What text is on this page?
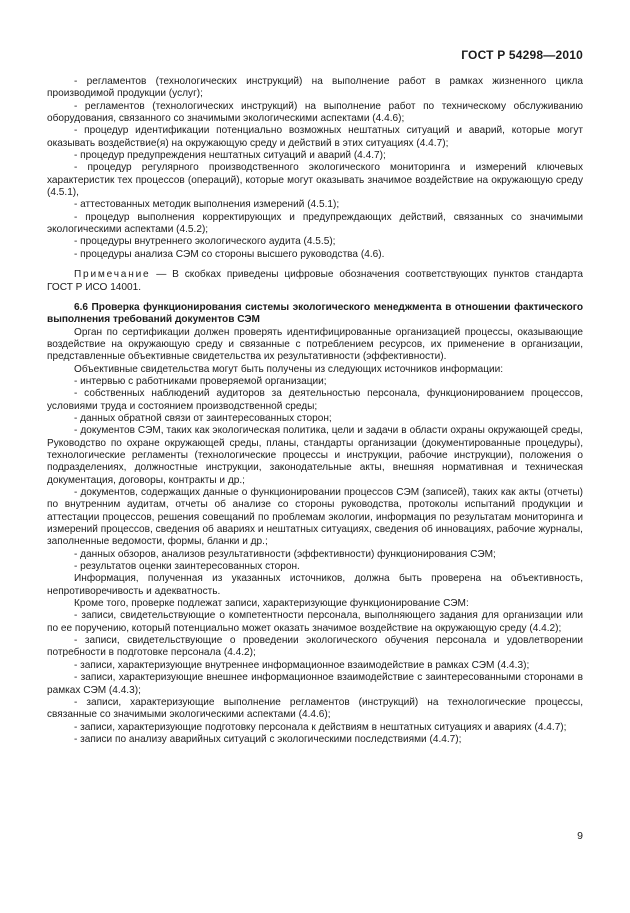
ГОСТ Р 54298—2010

- регламентов (технологических инструкций) на выполнение работ в рамках жизненного цикла производимой продукции (услуг);

- регламентов (технологических инструкций) на выполнение работ по техническому обслуживанию оборудования, связанного со значимыми экологическими аспектами (4.4.6);

- процедур идентификации потенциально возможных нештатных ситуаций и аварий, которые могут оказывать воздействие(я) на окружающую среду и действий в этих ситуациях (4.4.7);

- процедур предупреждения нештатных ситуаций и аварий (4.4.7);

- процедур регулярного производственного экологического мониторинга и измерений ключевых характеристик тех процессов (операций), которые могут оказывать значимое воздействие на окружающую среду (4.5.1),

- аттестованных методик выполнения измерений (4.5.1);

- процедур выполнения корректирующих и предупреждающих действий, связанных со значимыми экологическими аспектами (4.5.2);

- процедуры внутреннего экологического аудита (4.5.5);

- процедуры анализа СЭМ со стороны высшего руководства (4.6).

Примечание — В скобках приведены цифровые обозначения соответствующих пунктов стандарта ГОСТ Р ИСО 14001.

6.6 Проверка функционирования системы экологического менеджмента в отношении фактического выполнения требований документов СЭМ

Орган по сертификации должен проверять идентифицированные организацией процессы, оказывающие воздействие на окружающую среду и связанные с потреблением ресурсов, их применение в организации, представленные объективные свидетельства их результативности (эффективности).

Объективные свидетельства могут быть получены из следующих источников информации:

- интервью с работниками проверяемой организации;

- собственных наблюдений аудиторов за деятельностью персонала, функционированием процессов, условиями труда и состоянием производственной среды;

- данных обратной связи от заинтересованных сторон;

- документов СЭМ, таких как экологическая политика, цели и задачи в области охраны окружающей среды, Руководство по охране окружающей среды, планы, стандарты организации (документированные процедуры), технологические регламенты (технологические процессы и инструкции, рабочие инструкции), положения о подразделениях, должностные инструкции, законодательные акты, внешняя нормативная и техническая документация, договоры, контракты и др.;

- документов, содержащих данные о функционировании процессов СЭМ (записей), таких как акты (отчеты) по внутренним аудитам, отчеты об анализе со стороны руководства, протоколы испытаний продукции и аттестации процессов, решения совещаний по проблемам экологии, информация по результатам мониторинга и измерений процессов, сведения об авариях и нештатных ситуациях, сведения об инновациях, рабочие журналы, заполненные ведомости, формы, бланки и др.;

- данных обзоров, анализов результативности (эффективности) функционирования СЭМ;

- результатов оценки заинтересованных сторон.

Информация, полученная из указанных источников, должна быть проверена на объективность, непротиворечивость и адекватность.

Кроме того, проверке подлежат записи, характеризующие функционирование СЭМ:

- записи, свидетельствующие о компетентности персонала, выполняющего задания для организации или по ее поручению, который потенциально может оказать значимое воздействие на окружающую среду (4.4.2);

- записи, свидетельствующие о проведении экологического обучения персонала и удовлетворении потребности в подготовке персонала (4.4.2);

- записи, характеризующие внутреннее информационное взаимодействие в рамках СЭМ (4.4.3);

- записи, характеризующие внешнее информационное взаимодействие с заинтересованными сторонами в рамках СЭМ (4.4.3);

- записи, характеризующие выполнение регламентов (инструкций) на технологические процессы, связанные со значимыми экологическими аспектами (4.4.6);

- записи, характеризующие подготовку персонала к действиям в нештатных ситуациях и авариях (4.4.7);

- записи по анализу аварийных ситуаций с экологическими последствиями (4.4.7);

9
